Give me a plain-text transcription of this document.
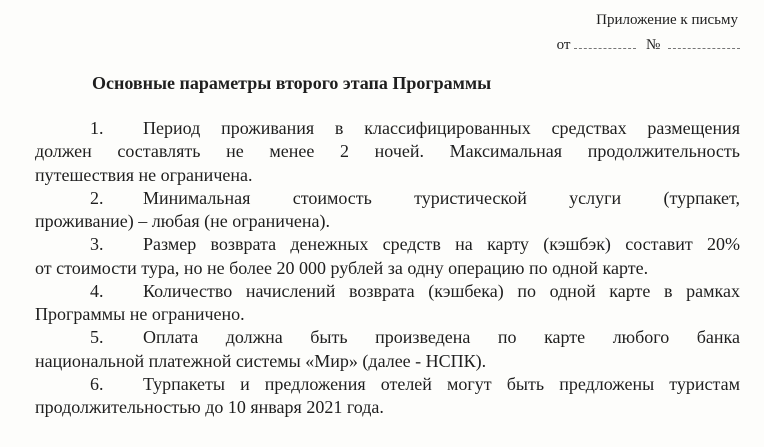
Приложение к письму
от	№
Основные параметры второго этапа Программы
1.	Период проживания в классифицированных средствах размещения
должен составлять не менее 2 ночей. Максимальная продолжительность
путешествия не ограничена.
2.	Минимальная стоимость туристической услуги (турпакет,
проживание) – любая (не ограничена).
3.	Размер возврата денежных средств на карту (кэшбэк) составит 20%
от стоимости тура, но не более 20 000 рублей за одну операцию по одной карте.
4.	Количество начислений возврата (кэшбека) по одной карте в рамках
Программы не ограничено.
5.	Оплата должна быть произведена по карте любого банка
национальной платежной системы «Мир» (далее - НСПК).
6.	Турпакеты и предложения отелей могут быть предложены туристам
продолжительностью до 10 января 2021 года.
